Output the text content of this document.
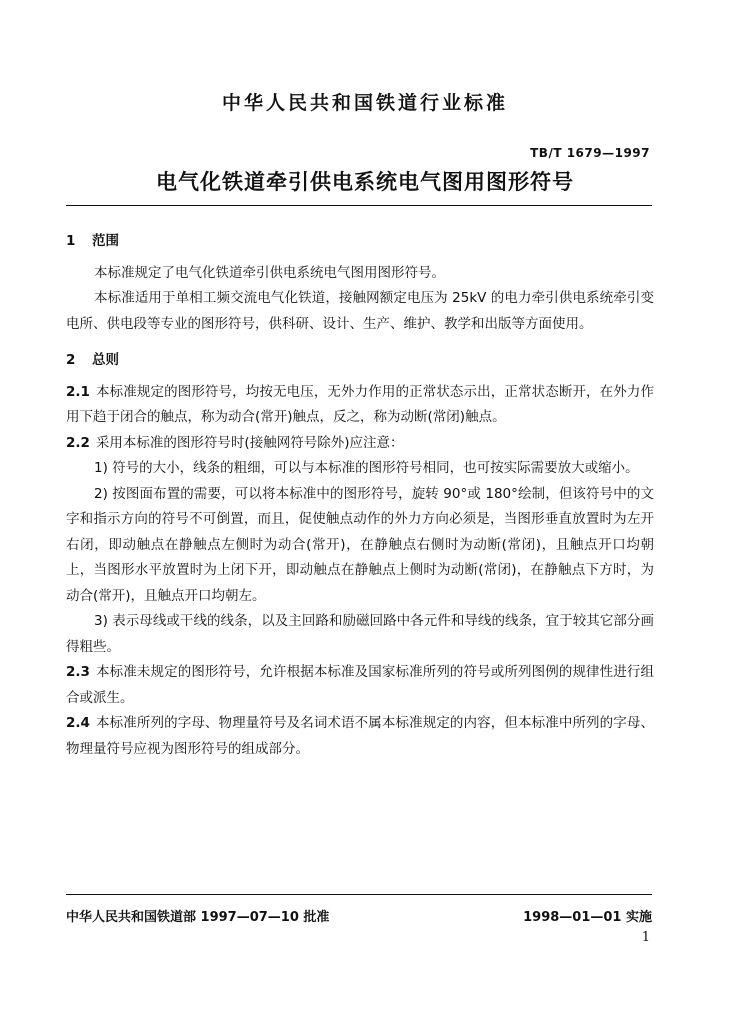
中华人民共和国铁道行业标准
TB/T 1679—1997
电气化铁道牵引供电系统电气图用图形符号
1 范围

本标准规定了电气化铁道牵引供电系统电气图用图形符号。

本标准适用于单相工频交流电气化铁道，接触网额定电压为 25kV 的电力牵引供电系统牵引变电所、供电段等专业的图形符号，供科研、设计、生产、维护、教学和出版等方面使用。

2 总则

2.1 本标准规定的图形符号，均按无电压，无外力作用的正常状态示出，正常状态断开，在外力作用下趋于闭合的触点，称为动合(常开)触点，反之，称为动断(常闭)触点。

2.2 采用本标准的图形符号时(接触网符号除外)应注意：

1) 符号的大小，线条的粗细，可以与本标准的图形符号相同，也可按实际需要放大或缩小。

2) 按图面布置的需要，可以将本标准中的图形符号，旋转 90°或 180°绘制，但该符号中的文字和指示方向的符号不可倒置，而且，促使触点动作的外力方向必须是，当图形垂直放置时为左开右闭，即动触点在静触点左侧时为动合(常开)，在静触点右侧时为动断(常闭)，且触点开口均朝上，当图形水平放置时为上闭下开，即动触点在静触点上侧时为动断(常闭)，在静触点下方时，为动合(常开)，且触点开口均朝左。

3) 表示母线或干线的线条，以及主回路和励磁回路中各元件和导线的线条，宜于较其它部分画得粗些。

2.3 本标准未规定的图形符号，允许根据本标准及国家标准所列的符号或所列图例的规律性进行组合或派生。

2.4 本标准所列的字母、物理量符号及名词术语不属本标准规定的内容，但本标准中所列的字母、物理量符号应视为图形符号的组成部分。

中华人民共和国铁道部 1997—07—10 批准	1998—01—01 实施
1
